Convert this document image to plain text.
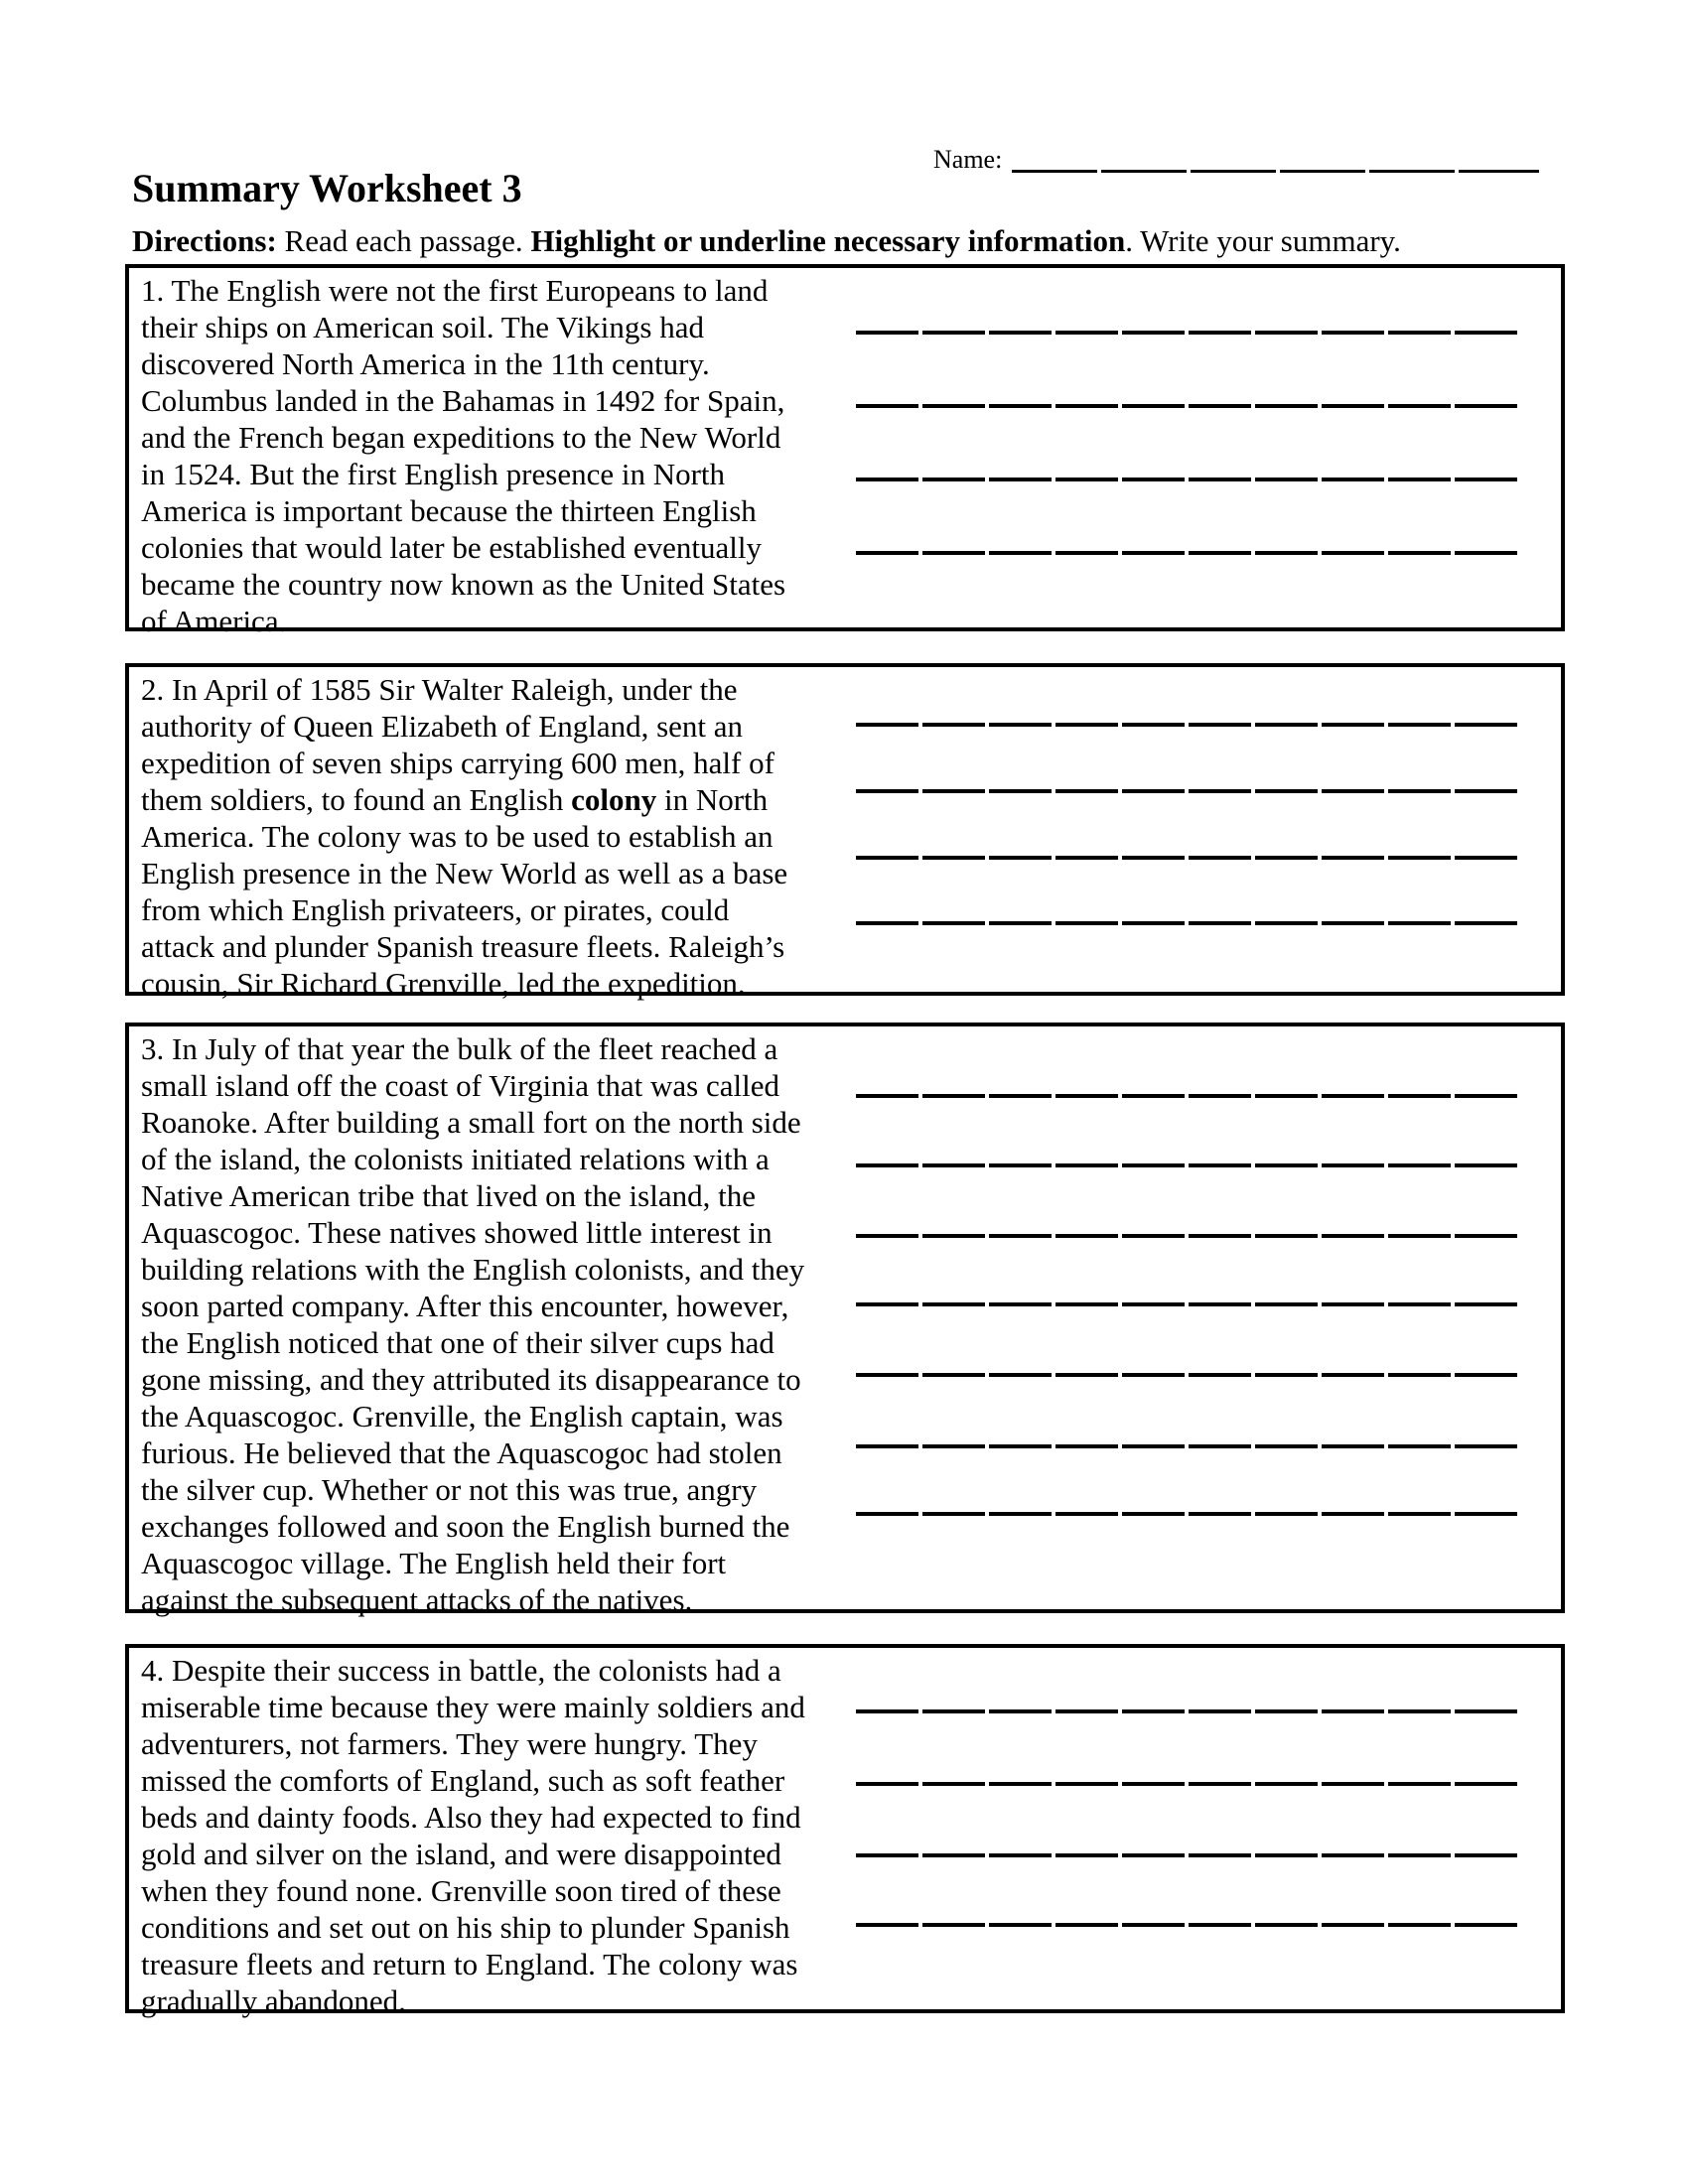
Name:
Summary Worksheet 3

Directions: Read each passage. Highlight or underline necessary information. Write your summary.

1. The English were not the first Europeans to land
their ships on American soil. The Vikings had
discovered North America in the 11th century.
Columbus landed in the Bahamas in 1492 for Spain,
and the French began expeditions to the New World
in 1524. But the first English presence in North
America is important because the thirteen English
colonies that would later be established eventually
became the country now known as the United States
of America.
2. In April of 1585 Sir Walter Raleigh, under the
authority of Queen Elizabeth of England, sent an
expedition of seven ships carrying 600 men, half of
them soldiers, to found an English colony in North
America. The colony was to be used to establish an
English presence in the New World as well as a base
from which English privateers, or pirates, could
attack and plunder Spanish treasure fleets. Raleigh’s
cousin, Sir Richard Grenville, led the expedition.
3. In July of that year the bulk of the fleet reached a
small island off the coast of Virginia that was called
Roanoke. After building a small fort on the north side
of the island, the colonists initiated relations with a
Native American tribe that lived on the island, the
Aquascogoc. These natives showed little interest in
building relations with the English colonists, and they
soon parted company. After this encounter, however,
the English noticed that one of their silver cups had
gone missing, and they attributed its disappearance to
the Aquascogoc. Grenville, the English captain, was
furious. He believed that the Aquascogoc had stolen
the silver cup. Whether or not this was true, angry
exchanges followed and soon the English burned the
Aquascogoc village. The English held their fort
against the subsequent attacks of the natives.
4. Despite their success in battle, the colonists had a
miserable time because they were mainly soldiers and
adventurers, not farmers. They were hungry. They
missed the comforts of England, such as soft feather
beds and dainty foods. Also they had expected to find
gold and silver on the island, and were disappointed
when they found none. Grenville soon tired of these
conditions and set out on his ship to plunder Spanish
treasure fleets and return to England. The colony was
gradually abandoned.
